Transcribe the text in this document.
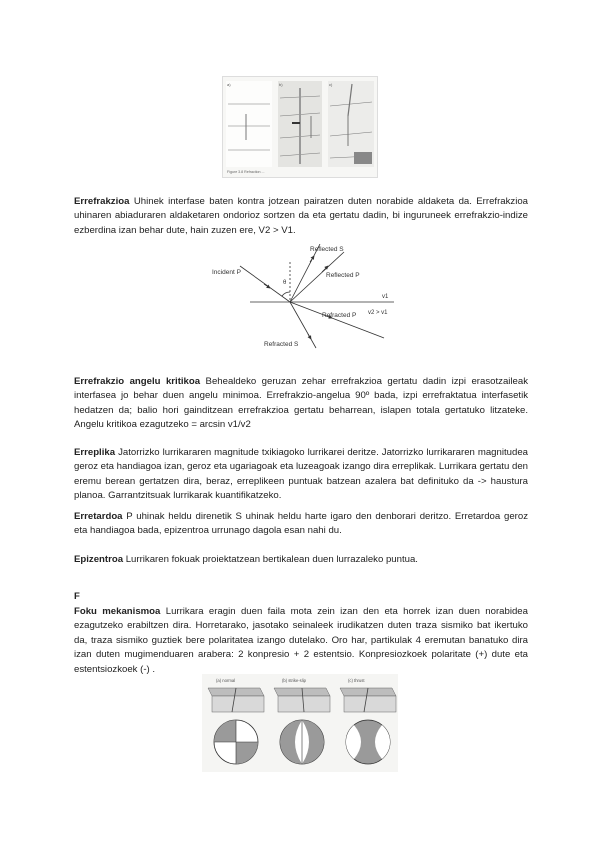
a)	b)	c)
Figure 3.8 Refraction ...

Errefrakzioa Uhinek interfase baten kontra jotzean pairatzen duten norabide aldaketa da. Errefrakzioa uhinaren abiaduraren aldaketaren ondorioz sortzen da eta gertatu dadin, bi inguruneek errefrakzio-indize ezberdina izan behar dute, hain zuzen ere, V2 > V1.

Incident P
Reflected S
Reflected P
Refracted P
Refracted S
θ
v1
v2 > v1

Errefrakzio angelu kritikoa Behealdeko geruzan zehar errefrakzioa gertatu dadin izpi erasotzaileak interfasea jo behar duen angelu minimoa. Errefrakzio-angelua 90º bada, izpi errefraktatua interfasetik hedatzen da; balio hori gainditzean errefrakzioa gertatu beharrean, islapen totala gertatuko litzateke. Angelu kritikoa ezagutzeko = arcsin v1/v2

Erreplika Jatorrizko lurrikararen magnitude txikiagoko lurrikarei deritze. Jatorrizko lurrikararen magnitudea geroz eta handiagoa izan, geroz eta ugariagoak eta luzeagoak izango dira erreplikak. Lurrikara gertatu den eremu berean gertatzen dira, beraz, erreplikeen puntuak batzean azalera bat definituko da -> haustura planoa. Garrantzitsuak lurrikarak kuantifikatzeko.

Erretardoa P uhinak heldu direnetik S uhinak heldu harte igaro den denborari deritzo. Erretardoa geroz eta handiagoa bada, epizentroa urrunago dagola esan nahi du.

Epizentroa Lurrikaren fokuak proiektatzean bertikalean duen lurrazaleko puntua.

F

Foku mekanismoa Lurrikara eragin duen faila mota zein izan den eta horrek izan duen norabidea ezagutzeko erabiltzen dira. Horretarako, jasotako seinaleek irudikatzen duten traza sismiko bat ikertuko da, traza sismiko guztiek bere polaritatea izango dutelako. Oro har, partikulak 4 eremutan banatuko dira izan duten mugimenduaren arabera: 2 konpresio + 2 estentsio. Konpresiozkoek polaritate (+) dute eta estentsiozkoek (-) .

(a) normal	(b) strike-slip	(c) thrust
